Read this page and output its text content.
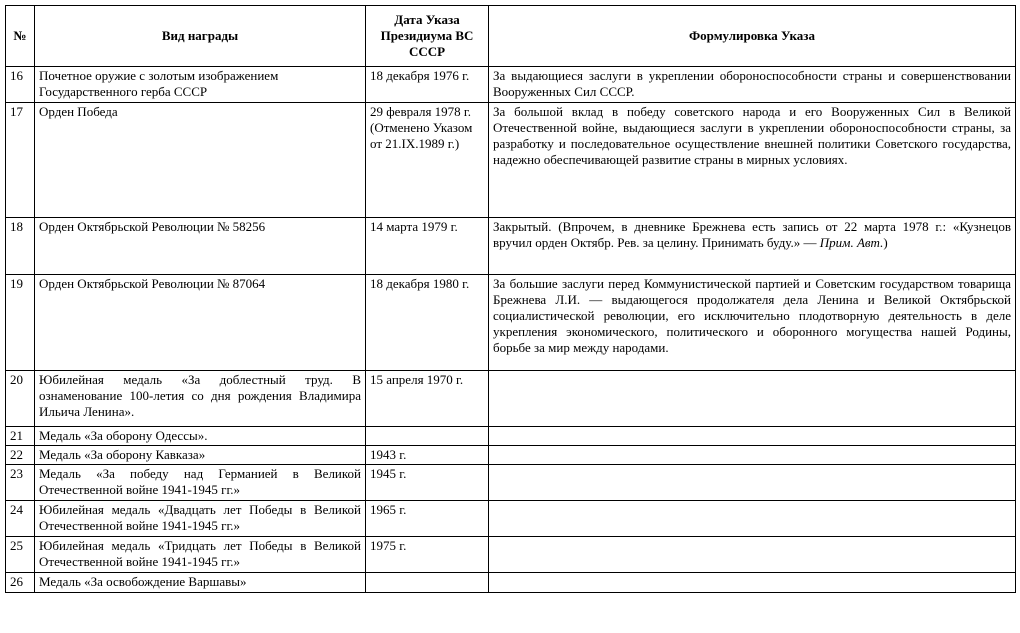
№	Вид награды	Дата Указа Президиума ВС СССР	Формулировка Указа
16	Почетное оружие с золотым изображением Государственного герба СССР	18 декабря 1976 г.	За выдающиеся заслуги в укреплении обороноспособности страны и совершенствовании Вооруженных Сил СССР.
17	Орден Победа	29 февраля 1978 г. (Отменено Указом от 21.IX.1989 г.)	За большой вклад в победу советского народа и его Вооруженных Сил в Великой Отечественной войне, выдающиеся заслуги в укреплении обороноспособности страны, за разработку и последовательное осуществление внешней политики Советского государства, надежно обеспечивающей развитие страны в мирных условиях.
18	Орден Октябрьской Революции № 58256	14 марта 1979 г.	Закрытый. (Впрочем, в дневнике Брежнева есть запись от 22 марта 1978 г.: «Кузнецов вручил орден Октябр. Рев. за целину. Принимать буду.» — Прим. Авт.)
19	Орден Октябрьской Революции № 87064	18 декабря 1980 г.	За большие заслуги перед Коммунистической партией и Советским государством товарища Брежнева Л.И. — выдающегося продолжателя дела Ленина и Великой Октябрьской социалистической революции, его исключительно плодотворную деятельность в деле укрепления экономического, политического и оборонного могущества нашей Родины, борьбе за мир между народами.
20	Юбилейная медаль «За доблестный труд. В ознаменование 100-летия со дня рождения Владимира Ильича Ленина».	15 апреля 1970 г.	
21	Медаль «За оборону Одессы».		
22	Медаль «За оборону Кавказа»	1943 г.	
23	Медаль «За победу над Германией в Великой Отечественной войне 1941-1945 гг.»	1945 г.	
24	Юбилейная медаль «Двадцать лет Победы в Великой Отечественной войне 1941-1945 гг.»	1965 г.	
25	Юбилейная медаль «Тридцать лет Победы в Великой Отечественной войне 1941-1945 гг.»	1975 г.	
26	Медаль «За освобождение Варшавы»		
